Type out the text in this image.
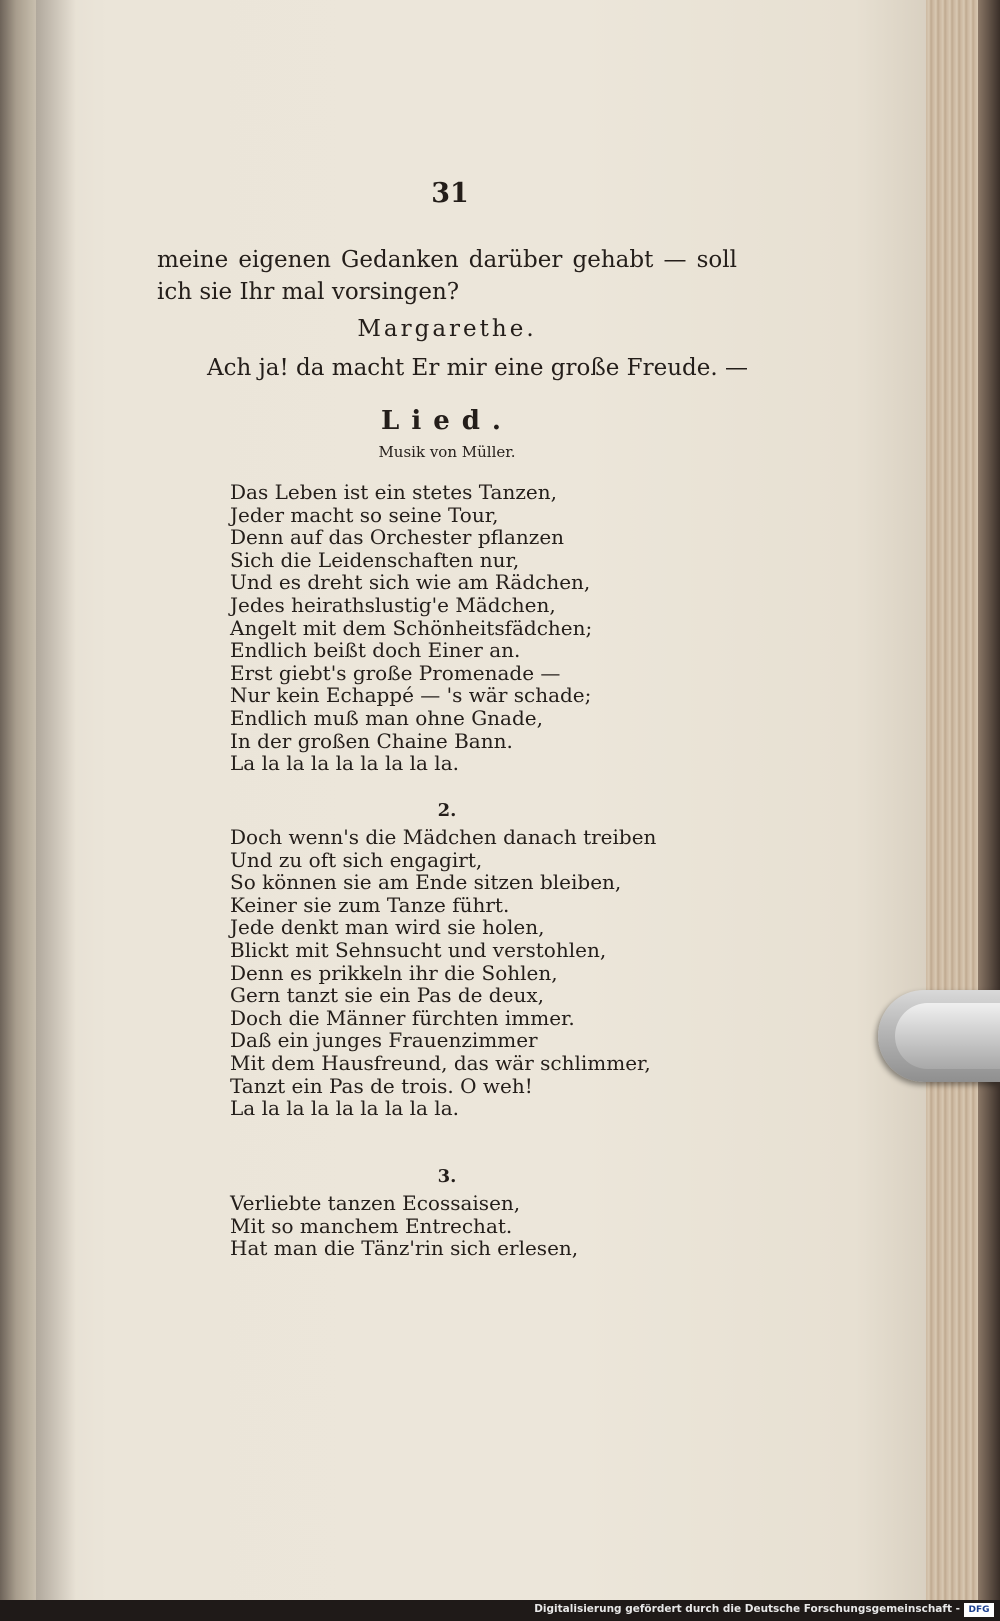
31
meine eigenen Gedanken darüber gehabt — soll ich sie Ihr mal vorsingen?
Margarethe.
Ach ja! da macht Er mir eine große Freude. —
Lied.
Musik von Müller.
Das Leben ist ein stetes Tanzen,
Jeder macht so seine Tour,
Denn auf das Orchester pflanzen
Sich die Leidenschaften nur,
Und es dreht sich wie am Rädchen,
Jedes heirathslustig'e Mädchen,
Angelt mit dem Schönheitsfädchen;
Endlich beißt doch Einer an.
Erst giebt's große Promenade —
Nur kein Echappé — 's wär schade;
Endlich muß man ohne Gnade,
In der großen Chaine Bann.
La la la la la la la la la.
2.
Doch wenn's die Mädchen danach treiben
Und zu oft sich engagirt,
So können sie am Ende sitzen bleiben,
Keiner sie zum Tanze führt.
Jede denkt man wird sie holen,
Blickt mit Sehnsucht und verstohlen,
Denn es prikkeln ihr die Sohlen,
Gern tanzt sie ein Pas de deux,
Doch die Männer fürchten immer.
Daß ein junges Frauenzimmer
Mit dem Hausfreund, das wär schlimmer,
Tanzt ein Pas de trois. O weh!
La la la la la la la la la.
3.
Verliebte tanzen Ecossaisen,
Mit so manchem Entrechat.
Hat man die Tänz'rin sich erlesen,
Digitalisierung gefördert durch die Deutsche Forschungsgemeinschaft - DFG
